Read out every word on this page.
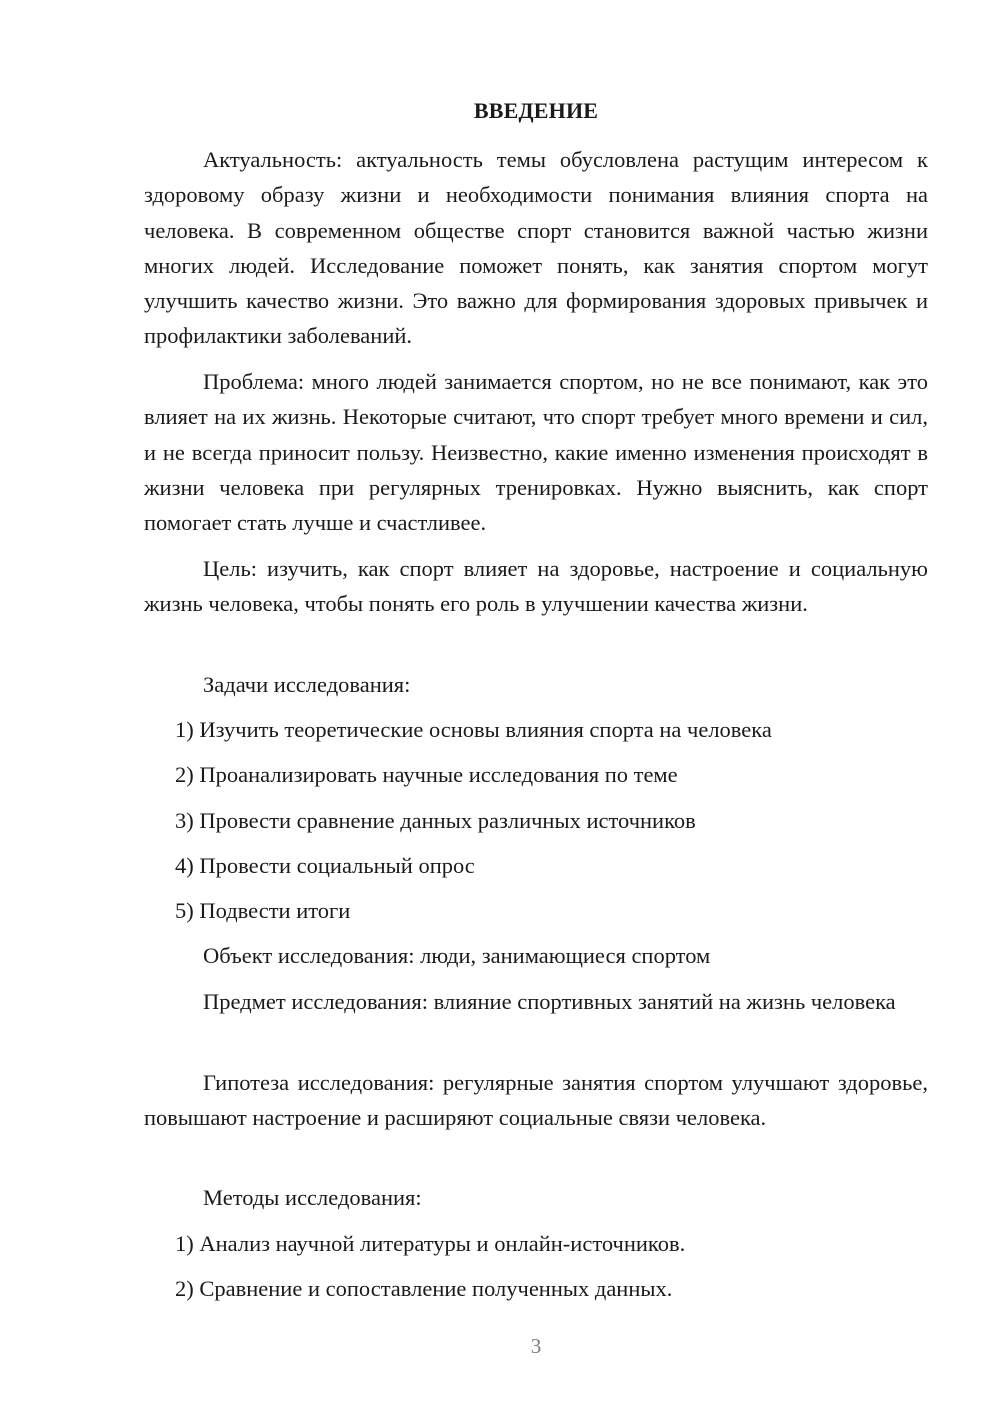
ВВЕДЕНИЕ

Актуальность: актуальность темы обусловлена растущим интересом к здоровому образу жизни и необходимости понимания влияния спорта на человека. В современном обществе спорт становится важной частью жизни многих людей. Исследование поможет понять, как занятия спортом могут улучшить качество жизни. Это важно для формирования здоровых привычек и профилактики заболеваний.

Проблема: много людей занимается спортом, но не все понимают, как это влияет на их жизнь. Некоторые считают, что спорт требует много времени и сил, и не всегда приносит пользу. Неизвестно, какие именно изменения происходят в жизни человека при регулярных тренировках. Нужно выяснить, как спорт помогает стать лучше и счастливее.

Цель: изучить, как спорт влияет на здоровье, настроение и социальную жизнь человека, чтобы понять его роль в улучшении качества жизни.

Задачи исследования:

1) Изучить теоретические основы влияния спорта на человека

2) Проанализировать научные исследования по теме

3) Провести сравнение данных различных источников

4) Провести социальный опрос

5) Подвести итоги

Объект исследования: люди, занимающиеся спортом

Предмет исследования: влияние спортивных занятий на жизнь человека

Гипотеза исследования: регулярные занятия спортом улучшают здоровье, повышают настроение и расширяют социальные связи человека.

Методы исследования:

1) Анализ научной литературы и онлайн-источников.

2) Сравнение и сопоставление полученных данных.

3
